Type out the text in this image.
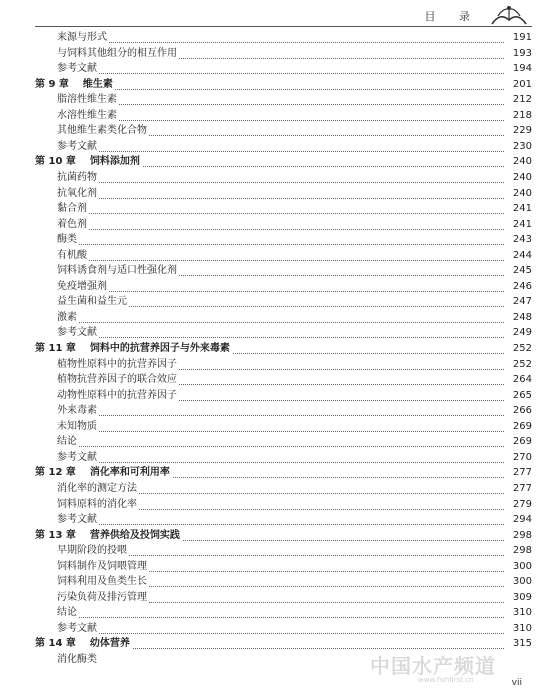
目 录
来源与形式	191
与饲料其他组分的相互作用	193
参考文献	194
第 9 章 维生素	201
脂溶性维生素	212
水溶性维生素	218
其他维生素类化合物	229
参考文献	230
第 10 章 饲料添加剂	240
抗菌药物	240
抗氧化剂	240
黏合剂	241
着色剂	241
酶类	243
有机酸	244
饲料诱食剂与适口性强化剂	245
免疫增强剂	246
益生菌和益生元	247
激素	248
参考文献	249
第 11 章 饲料中的抗营养因子与外来毒素	252
植物性原料中的抗营养因子	252
植物抗营养因子的联合效应	264
动物性原料中的抗营养因子	265
外来毒素	266
未知物质	269
结论	269
参考文献	270
第 12 章 消化率和可利用率	277
消化率的测定方法	277
饲料原料的消化率	279
参考文献	294
第 13 章 营养供给及投饲实践	298
早期阶段的投喂	298
饲料制作及饲喂管理	300
饲料利用及鱼类生长	300
污染负荷及排污管理	309
结论	310
参考文献	310
第 14 章 幼体营养	315
消化酶类	中国水产频道
www.fishfirst.cn	vii
